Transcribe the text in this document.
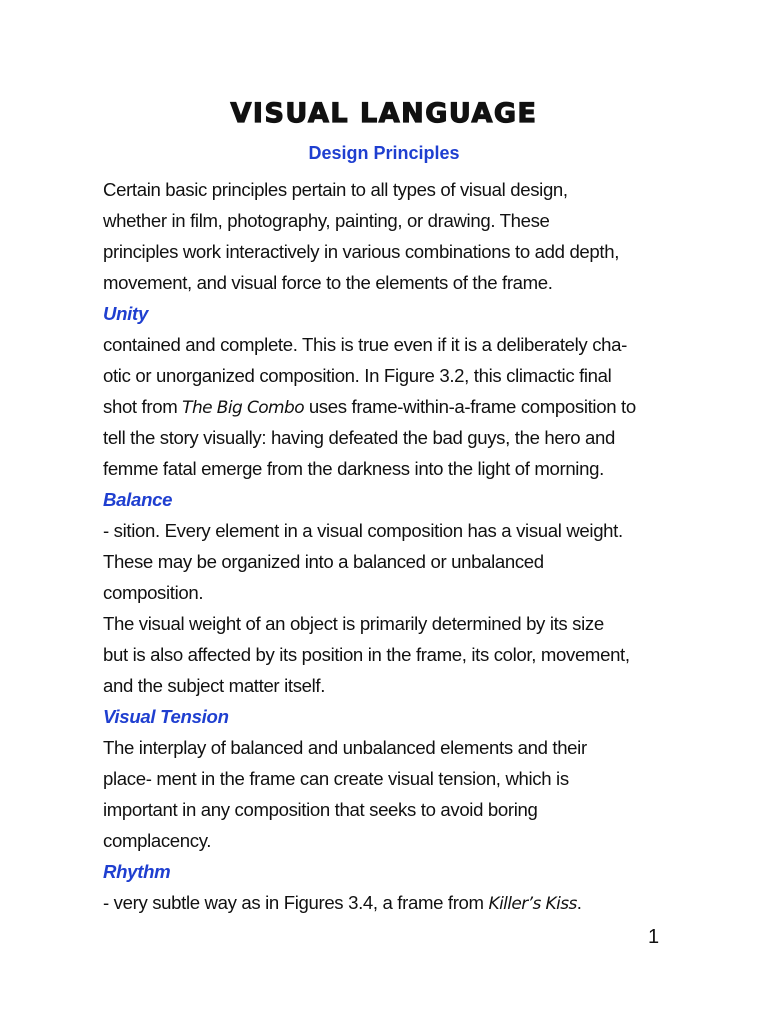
VISUAL LANGUAGE
Design Principles
Certain basic principles pertain to all types of visual design,
whether in film, photography, painting, or drawing. These
principles work interactively in various combinations to add depth,
movement, and visual force to the elements of the frame.
Unity
contained and complete. This is true even if it is a deliberately cha-
otic or unorganized composition. In Figure 3.2, this climactic final
shot from The Big Combo uses frame-within-a-frame composition to
tell the story visually: having defeated the bad guys, the hero and
femme fatal emerge from the darkness into the light of morning.
Balance
- sition. Every element in a visual composition has a visual weight.
These may be organized into a balanced or unbalanced
composition.
The visual weight of an object is primarily determined by its size
but is also affected by its position in the frame, its color, movement,
and the subject matter itself.
Visual Tension
The interplay of balanced and unbalanced elements and their
place- ment in the frame can create visual tension, which is
important in any composition that seeks to avoid boring
complacency.
Rhythm
- very subtle way as in Figures 3.4, a frame from Killer’s Kiss.
1
